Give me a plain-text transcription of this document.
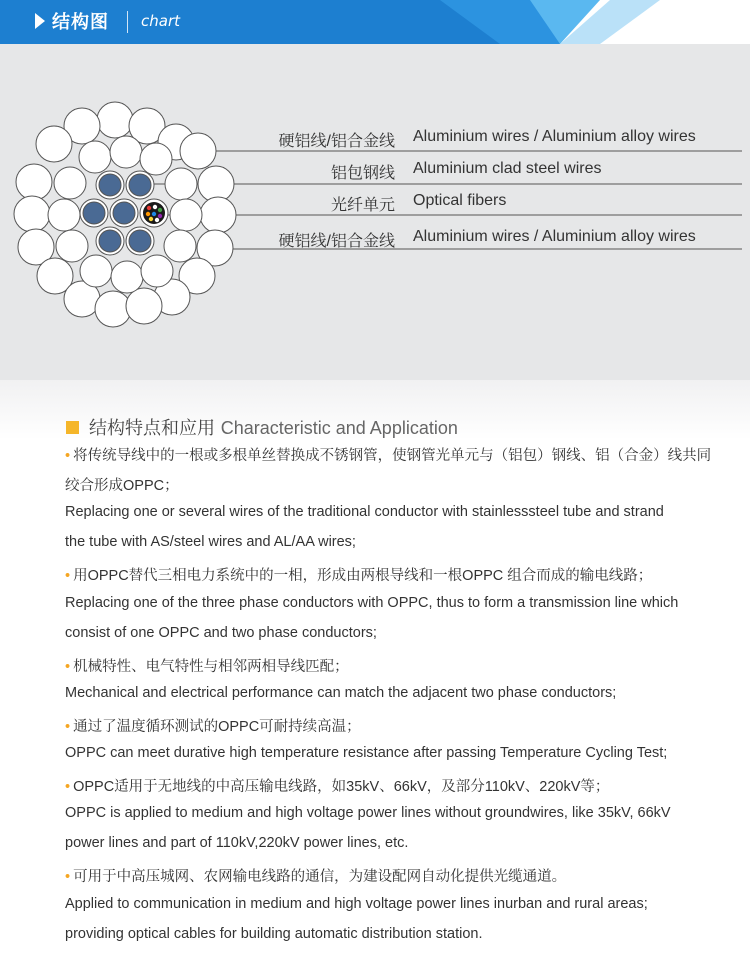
结构图 chart
硬铝线/铝合金线 Aluminium wires / Aluminium alloy wires
铝包钢线 Aluminium clad steel wires
光纤单元 Optical fibers
硬铝线/铝合金线 Aluminium wires / Aluminium alloy wires
结构特点和应用 Characteristic and Application
• 将传统导线中的一根或多根单丝替换成不锈钢管，使钢管光单元与（铝包）钢线、铝（合金）线共同
绞合形成OPPC；
Replacing one or several wires of the traditional conductor with stainlesssteel tube and strand
the tube with AS/steel wires and AL/AA wires;
• 用OPPC替代三相电力系统中的一相，形成由两根导线和一根OPPC 组合而成的输电线路；
Replacing one of the three phase conductors with OPPC, thus to form a transmission line which
consist of one OPPC and two phase conductors;
• 机械特性、电气特性与相邻两相导线匹配；
Mechanical and electrical performance can match the adjacent two phase conductors;
• 通过了温度循环测试的OPPC可耐持续高温；
OPPC can meet durative high temperature resistance after passing Temperature Cycling Test;
• OPPC适用于无地线的中高压输电线路，如35kV、66kV，及部分110kV、220kV等；
OPPC is applied to medium and high voltage power lines without groundwires, like 35kV, 66kV
power lines and part of 110kV,220kV power lines, etc.
• 可用于中高压城网、农网输电线路的通信，为建设配网自动化提供光缆通道。
Applied to communication in medium and high voltage power lines inurban and rural areas;
providing optical cables for building automatic distribution station.
